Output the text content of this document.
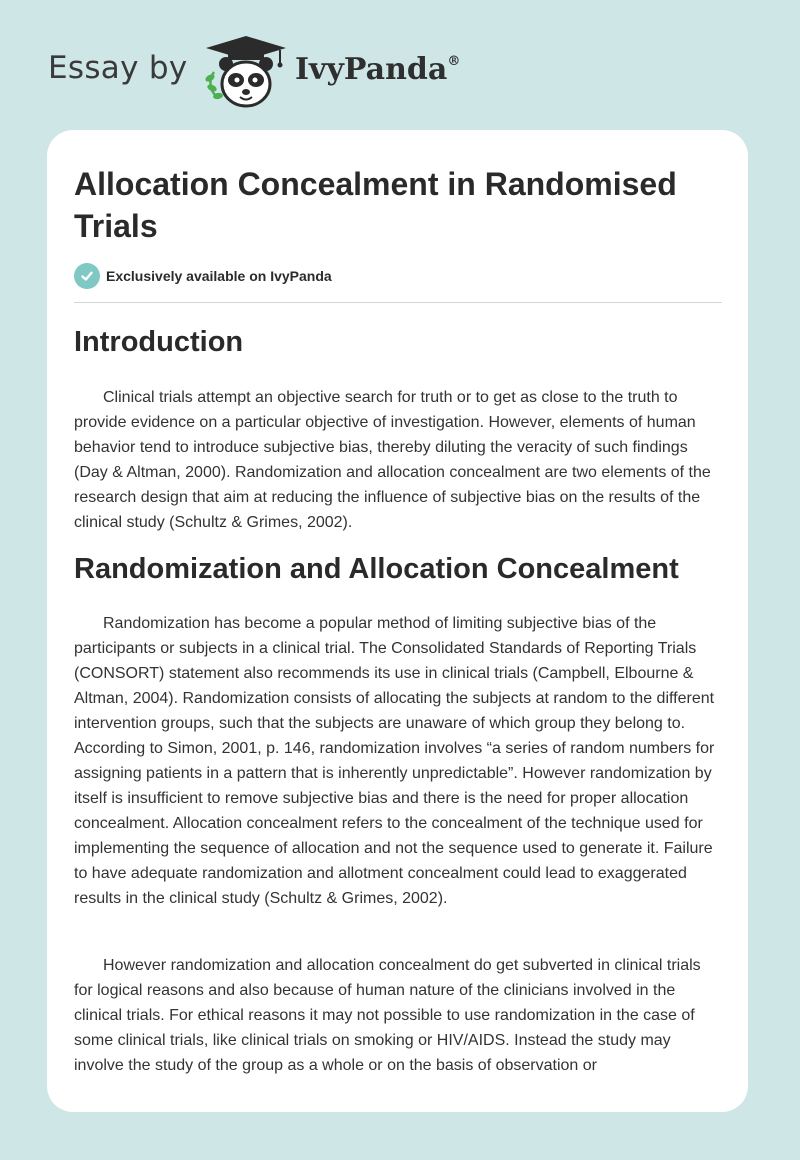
Essay by	IvyPanda®
Allocation Concealment in Randomised Trials
Exclusively available on IvyPanda
Introduction

Clinical trials attempt an objective search for truth or to get as close to the truth to provide evidence on a particular objective of investigation. However, elements of human behavior tend to introduce subjective bias, thereby diluting the veracity of such findings (Day & Altman, 2000). Randomization and allocation concealment are two elements of the research design that aim at reducing the influence of subjective bias on the results of the clinical study (Schultz & Grimes, 2002).

Randomization and Allocation Concealment

Randomization has become a popular method of limiting subjective bias of the participants or subjects in a clinical trial. The Consolidated Standards of Reporting Trials (CONSORT) statement also recommends its use in clinical trials (Campbell, Elbourne & Altman, 2004). Randomization consists of allocating the subjects at random to the different intervention groups, such that the subjects are unaware of which group they belong to. According to Simon, 2001, p. 146, randomization involves “a series of random numbers for assigning patients in a pattern that is inherently unpredictable”. However randomization by itself is insufficient to remove subjective bias and there is the need for proper allocation concealment. Allocation concealment refers to the concealment of the technique used for implementing the sequence of allocation and not the sequence used to generate it. Failure to have adequate randomization and allotment concealment could lead to exaggerated results in the clinical study (Schultz & Grimes, 2002).

However randomization and allocation concealment do get subverted in clinical trials for logical reasons and also because of human nature of the clinicians involved in the clinical trials. For ethical reasons it may not possible to use randomization in the case of some clinical trials, like clinical trials on smoking or HIV/AIDS. Instead the study may involve the study of the group as a whole or on the basis of observation or
